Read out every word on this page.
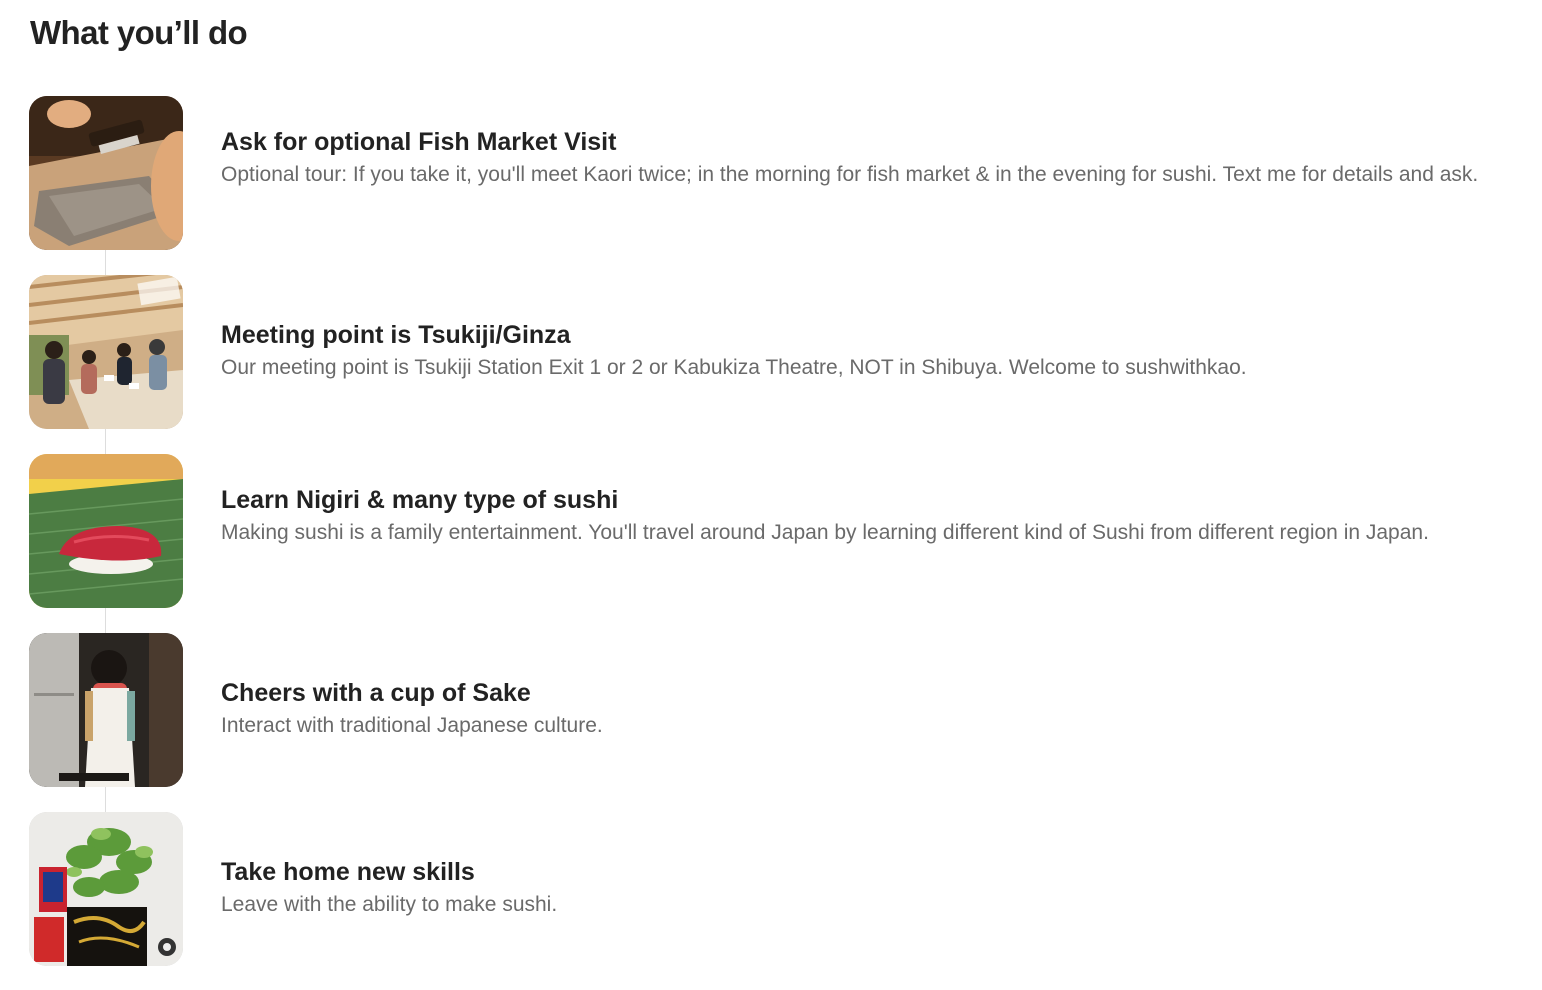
What you’ll do
Ask for optional Fish Market Visit

Optional tour: If you take it, you'll meet Kaori twice; in the morning for fish market & in the evening for sushi. Text me for details and ask.

Meeting point is Tsukiji/Ginza

Our meeting point is Tsukiji Station Exit 1 or 2 or Kabukiza Theatre, NOT in Shibuya. Welcome to sushwithkao.

Learn Nigiri & many type of sushi

Making sushi is a family entertainment. You'll travel around Japan by learning different kind of Sushi from different region in Japan.

Cheers with a cup of Sake

Interact with traditional Japanese culture.

Take home new skills

Leave with the ability to make sushi.
